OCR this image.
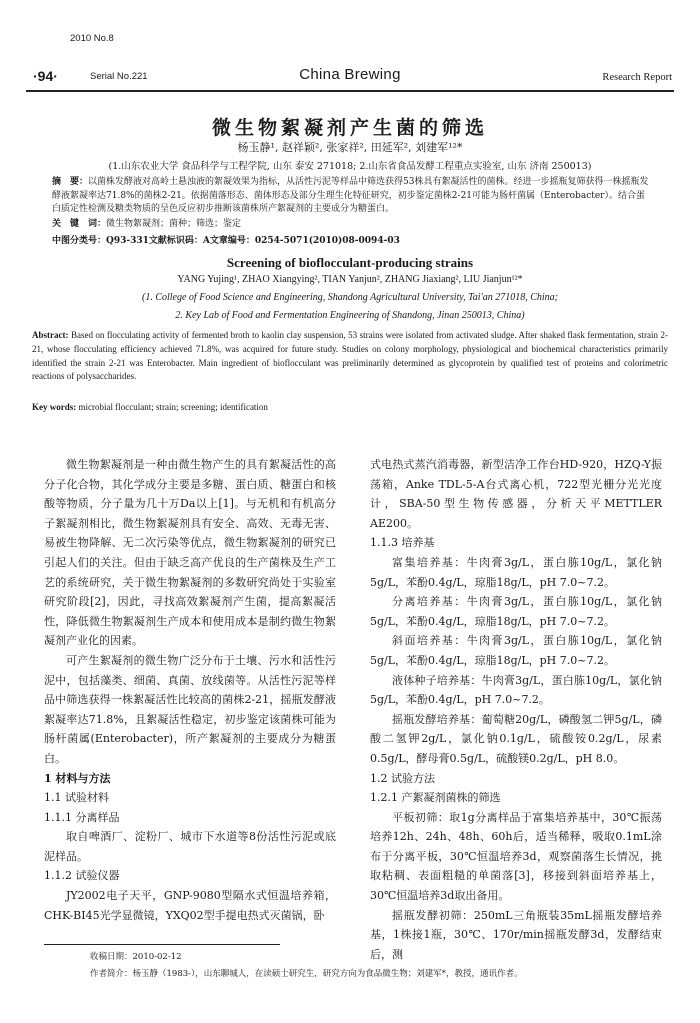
2010 No.8
·94·	Serial No.221	China Brewing	Research Report
微生物絮凝剂产生菌的筛选
杨玉静¹, 赵祥颖², 张家祥², 田延军², 刘建军¹²*
(1.山东农业大学 食品科学与工程学院, 山东 泰安 271018; 2.山东省食品发酵工程重点实验室, 山东 济南 250013)
摘　要：以菌株发酵液对高岭土悬浊液的絮凝效果为指标，从活性污泥等样品中筛选获得53株具有絮凝活性的菌株。经进一步摇瓶复筛获得一株摇瓶发酵液絮凝率达71.8%的菌株2-21。依据菌落形态、菌体形态及部分生理生化特征研究，初步鉴定菌株2-21可能为肠杆菌属（Enterobacter）。结合蛋白质定性检测及糖类物质的呈色反应初步推断该菌株所产絮凝剂的主要成分为糖蛋白。
关　键　词：微生物絮凝剂；菌种；筛选；鉴定
中图分类号：Q93-331文献标识码：A文章编号：0254-5071(2010)08-0094-03
Screening of bioflocculant-producing strains
YANG Yujing¹, ZHAO Xiangying², TIAN Yanjun², ZHANG Jiaxiang², LIU Jianjun¹²*
(1. College of Food Science and Engineering, Shandong Agricultural University, Tai'an 271018, China;
2. Key Lab of Food and Fermentation Engineering of Shandong, Jinan 250013, China)
Abstract: Based on flocculating activity of fermented broth to kaolin clay suspension, 53 strains were isolated from activated sludge. After shaked flask fermentation, strain 2-21, whose flocculating efficiency achieved 71.8%, was acquired for future study. Studies on colony morphology, physiological and biochemical characteristics primarily identified the strain 2-21 was Enterobacter. Main ingredient of bioflocculant was preliminarily determined as glycoprotein by qualified test of proteins and colorimetric reactions of polysaccharides.
Key words: microbial flocculant; strain; screening; identification

微生物絮凝剂是一种由微生物产生的具有絮凝活性的高分子化合物，其化学成分主要是多糖、蛋白质、糖蛋白和核酸等物质，分子量为几十万Da以上[1]。与无机和有机高分子絮凝剂相比，微生物絮凝剂具有安全、高效、无毒无害、易被生物降解、无二次污染等优点，微生物絮凝剂的研究已引起人们的关注。但由于缺乏高产优良的生产菌株及生产工艺的系统研究，关于微生物絮凝剂的多数研究尚处于实验室研究阶段[2]，因此，寻找高效絮凝剂产生菌，提高絮凝活性，降低微生物絮凝剂生产成本和使用成本是制约微生物絮凝剂产业化的因素。

可产生絮凝剂的微生物广泛分布于土壤、污水和活性污泥中，包括藻类、细菌、真菌、放线菌等。从活性污泥等样品中筛选获得一株絮凝活性比较高的菌株2-21，摇瓶发酵液絮凝率达71.8%，且絮凝活性稳定，初步鉴定该菌株可能为肠杆菌属(Enterobacter)，所产絮凝剂的主要成分为糖蛋白。

1 材料与方法

1.1 试验材料

1.1.1 分离样品

取自啤酒厂、淀粉厂、城市下水道等8份活性污泥或底泥样品。

1.1.2 试验仪器

JY2002电子天平，GNP-9080型隔水式恒温培养箱，CHK-BI45光学显微镜，YXQ02型手提电热式灭菌锅，卧

式电热式蒸汽消毒器，新型洁净工作台HD-920，HZQ-Y振荡箱，Anke TDL-5-A台式离心机，722型光栅分光光度计，SBA-50型生物传感器，分析天平METTLER AE200。

1.1.3 培养基

富集培养基：牛肉膏3g/L，蛋白胨10g/L，氯化钠5g/L，苯酚0.4g/L，琼脂18g/L，pH 7.0~7.2。

分离培养基：牛肉膏3g/L，蛋白胨10g/L，氯化钠5g/L，苯酚0.4g/L，琼脂18g/L，pH 7.0~7.2。

斜面培养基：牛肉膏3g/L，蛋白胨10g/L，氯化钠5g/L，苯酚0.4g/L，琼脂18g/L，pH 7.0~7.2。

液体种子培养基：牛肉膏3g/L，蛋白胨10g/L，氯化钠5g/L，苯酚0.4g/L，pH 7.0~7.2。

摇瓶发酵培养基：葡萄糖20g/L，磷酸氢二钾5g/L，磷酸二氢钾2g/L，氯化钠0.1g/L，硫酸铵0.2g/L，尿素0.5g/L，酵母膏0.5g/L，硫酸镁0.2g/L，pH 8.0。

1.2 试验方法

1.2.1 产絮凝剂菌株的筛选

平板初筛：取1g分离样品于富集培养基中，30℃振荡培养12h、24h、48h、60h后，适当稀释，吸取0.1mL涂布于分离平板，30℃恒温培养3d，观察菌落生长情况，挑取粘稠、表面粗糙的单菌落[3]，移接到斜面培养基上，30℃恒温培养3d取出备用。

摇瓶发酵初筛：250mL三角瓶装35mL摇瓶发酵培养基，1株接1瓶，30℃、170r/min摇瓶发酵3d，发酵结束后，测

收稿日期：2010-02-12
作者简介：杨玉静（1983-），山东聊城人，在读硕士研究生，研究方向为食品微生物；刘建军*，教授，通讯作者。
